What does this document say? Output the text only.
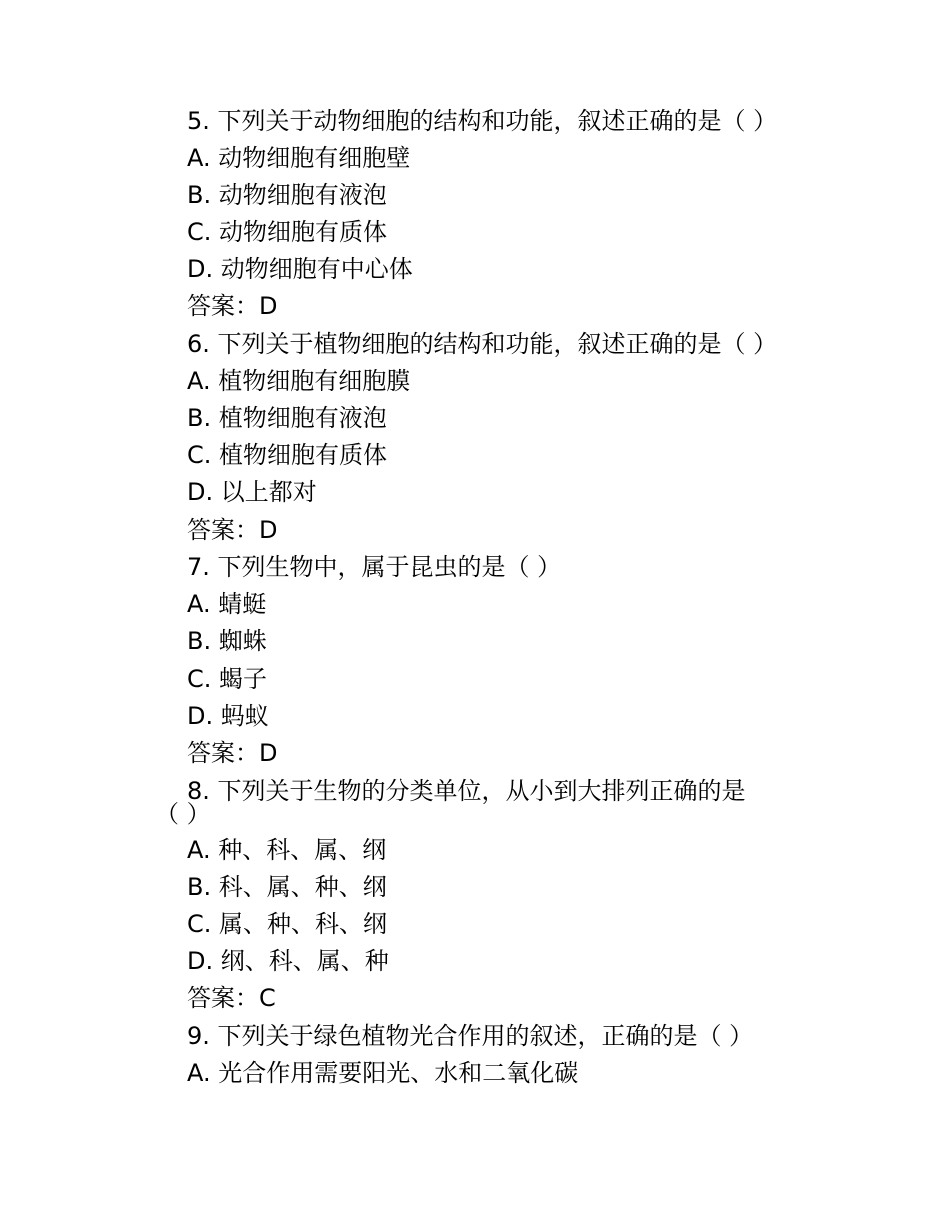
5. 下列关于动物细胞的结构和功能，叙述正确的是（ ）
A. 动物细胞有细胞壁
B. 动物细胞有液泡
C. 动物细胞有质体
D. 动物细胞有中心体
答案：D
6. 下列关于植物细胞的结构和功能，叙述正确的是（ ）
A. 植物细胞有细胞膜
B. 植物细胞有液泡
C. 植物细胞有质体
D. 以上都对
答案：D
7. 下列生物中，属于昆虫的是（ ）
A. 蜻蜓
B. 蜘蛛
C. 蝎子
D. 蚂蚁
答案：D
8. 下列关于生物的分类单位，从小到大排列正确的是
（ ）
A. 种、科、属、纲
B. 科、属、种、纲
C. 属、种、科、纲
D. 纲、科、属、种
答案：C
9. 下列关于绿色植物光合作用的叙述，正确的是（ ）
A. 光合作用需要阳光、水和二氧化碳
